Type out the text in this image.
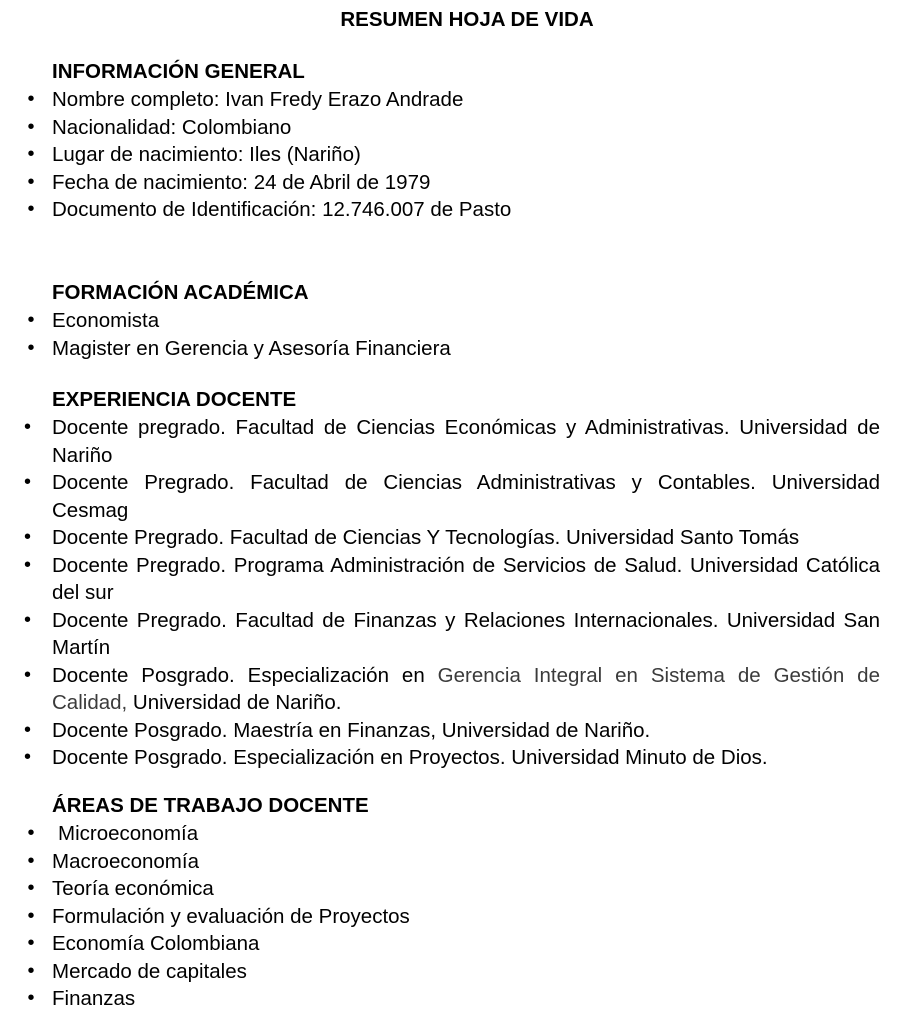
RESUMEN HOJA DE VIDA
INFORMACIÓN GENERAL
• Nombre completo: Ivan Fredy Erazo Andrade
• Nacionalidad: Colombiano
• Lugar de nacimiento: Iles (Nariño)
• Fecha de nacimiento: 24 de Abril de 1979
• Documento de Identificación: 12.746.007 de Pasto
FORMACIÓN ACADÉMICA
• Economista
• Magister en Gerencia y Asesoría Financiera
EXPERIENCIA DOCENTE
•	Docente pregrado. Facultad de Ciencias Económicas y Administrativas. Universidad de Nariño
•	Docente Pregrado. Facultad de Ciencias Administrativas y Contables. Universidad Cesmag
•	Docente Pregrado. Facultad de Ciencias Y Tecnologías. Universidad Santo Tomás
•	Docente Pregrado. Programa Administración de Servicios de Salud. Universidad Católica del sur
•	Docente Pregrado. Facultad de Finanzas y Relaciones Internacionales. Universidad San Martín
•	Docente Posgrado. Especialización en Gerencia Integral en Sistema de Gestión de Calidad, Universidad de Nariño.
•	Docente Posgrado. Maestría en Finanzas, Universidad de Nariño.
•	Docente Posgrado. Especialización en Proyectos. Universidad Minuto de Dios.
ÁREAS DE TRABAJO DOCENTE
• Microeconomía
• Macroeconomía
• Teoría económica
• Formulación y evaluación de Proyectos
• Economía Colombiana
• Mercado de capitales
• Finanzas
